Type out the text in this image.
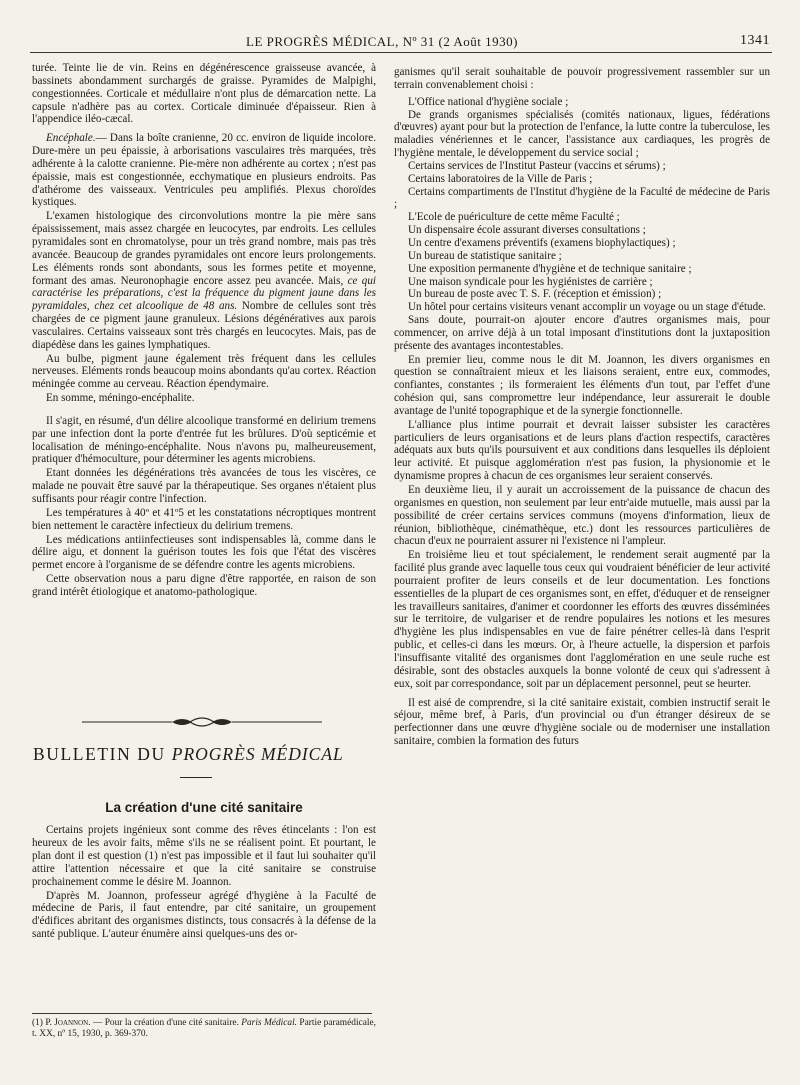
LE PROGRÈS MÉDICAL, Nº 31 (2 Août 1930)	1341

turée. Teinte lie de vin. Reins en dégénérescence graisseuse avancée, à bassinets abondamment surchargés de graisse. Pyramides de Malpighi, congestionnées. Corticale et médullaire n'ont plus de démarcation nette. La capsule n'adhère pas au cortex. Corticale diminuée d'épaisseur. Rien à l'appendice iléo-cæcal.

Encéphale.— Dans la boîte cranienne, 20 cc. environ de liquide incolore. Dure-mère un peu épaissie, à arborisations vasculaires très marquées, très adhérente à la calotte cranienne. Pie-mère non adhérente au cortex ; n'est pas épaissie, mais est congestionnée, ecchymatique en plusieurs endroits. Pas d'athérome des vaisseaux. Ventricules peu amplifiés. Plexus choroïdes kystiques.

L'examen histologique des circonvolutions montre la pie mère sans épaississement, mais assez chargée en leucocytes, par endroits. Les cellules pyramidales sont en chromatolyse, pour un très grand nombre, mais pas très avancée. Beaucoup de grandes pyramidales ont encore leurs prolongements. Les éléments ronds sont abondants, sous les formes petite et moyenne, formant des amas. Neuronophagie encore assez peu avancée. Mais, ce qui caractérise les préparations, c'est la fréquence du pigment jaune dans les pyramidales, chez cet alcoolique de 48 ans. Nombre de cellules sont très chargées de ce pigment jaune granuleux. Lésions dégénératives aux parois vasculaires. Certains vaisseaux sont très chargés en leucocytes. Mais, pas de diapédèse dans les gaines lymphatiques.

Au bulbe, pigment jaune également très fréquent dans les cellules nerveuses. Eléments ronds beaucoup moins abondants qu'au cortex. Réaction méningée comme au cerveau. Réaction épendymaire.

En somme, méningo-encéphalite.

Il s'agit, en résumé, d'un délire alcoolique transformé en delirium tremens par une infection dont la porte d'entrée fut les brûlures. D'où septicémie et localisation de méningo-encéphalite. Nous n'avons pu, malheureusement, pratiquer d'hémoculture, pour déterminer les agents microbiens.

Etant données les dégénérations très avancées de tous les viscères, ce malade ne pouvait être sauvé par la thérapeutique. Ses organes n'étaient plus suffisants pour réagir contre l'infection.

Les températures à 40º et 41º5 et les constatations nécroptiques montrent bien nettement le caractère infectieux du delirium tremens.

Les médications antiinfectieuses sont indispensables là, comme dans le délire aigu, et donnent la guérison toutes les fois que l'état des viscères permet encore à l'organisme de se défendre contre les agents microbiens.

Cette observation nous a paru digne d'être rapportée, en raison de son grand intérêt étiologique et anatomo-pathologique.

BULLETIN DU PROGRÈS MÉDICAL
La création d'une cité sanitaire

Certains projets ingénieux sont comme des rêves étincelants : l'on est heureux de les avoir faits, même s'ils ne se réalisent point. Et pourtant, le plan dont il est question (1) n'est pas impossible et il faut lui souhaiter qu'il attire l'attention nécessaire et que la cité sanitaire se construise prochainement comme le désire M. Joannon.

D'après M. Joannon, professeur agrégé d'hygiène à la Faculté de médecine de Paris, il faut entendre, par cité sanitaire, un groupement d'édifices abritant des organismes distincts, tous consacrés à la défense de la santé publique. L'auteur énumère ainsi quelques-uns des or-

(1) P. Joannon. — Pour la création d'une cité sanitaire. Paris Médical. Partie paramédicale, t. XX, nº 15, 1930, p. 369-370.

ganismes qu'il serait souhaitable de pouvoir progressivement rassembler sur un terrain convenablement choisi :

L'Office national d'hygiène sociale ;

De grands organismes spécialisés (comités nationaux, ligues, fédérations d'œuvres) ayant pour but la protection de l'enfance, la lutte contre la tuberculose, les maladies vénériennes et le cancer, l'assistance aux cardiaques, les progrès de l'hygiène mentale, le développement du service social ;

Certains services de l'Institut Pasteur (vaccins et sérums) ;

Certains laboratoires de la Ville de Paris ;

Certains compartiments de l'Institut d'hygiène de la Faculté de médecine de Paris ;

L'Ecole de puériculture de cette même Faculté ;

Un dispensaire école assurant diverses consultations ;

Un centre d'examens préventifs (examens biophylactiques) ;

Un bureau de statistique sanitaire ;

Une exposition permanente d'hygiène et de technique sanitaire ;

Une maison syndicale pour les hygiénistes de carrière ;

Un bureau de poste avec T. S. F. (réception et émission) ;

Un hôtel pour certains visiteurs venant accomplir un voyage ou un stage d'étude.

Sans doute, pourrait-on ajouter encore d'autres organismes mais, pour commencer, on arrive déjà à un total imposant d'institutions dont la juxtaposition présente des avantages incontestables.

En premier lieu, comme nous le dit M. Joannon, les divers organismes en question se connaîtraient mieux et les liaisons seraient, entre eux, commodes, confiantes, constantes ; ils formeraient les éléments d'un tout, par l'effet d'une cohésion qui, sans compromettre leur indépendance, leur assurerait le double avantage de l'unité topographique et de la synergie fonctionnelle.

L'alliance plus intime pourrait et devrait laisser subsister les caractères particuliers de leurs organisations et de leurs plans d'action respectifs, caractères adéquats aux buts qu'ils poursuivent et aux conditions dans lesquelles ils déploient leur activité. Et puisque agglomération n'est pas fusion, la physionomie et le dynamisme propres à chacun de ces organismes leur seraient conservés.

En deuxième lieu, il y aurait un accroissement de la puissance de chacun des organismes en question, non seulement par leur entr'aide mutuelle, mais aussi par la possibilité de créer certains services communs (moyens d'information, lieux de réunion, bibliothèque, cinémathèque, etc.) dont les ressources particulières de chacun d'eux ne pourraient assurer ni l'existence ni l'ampleur.

En troisième lieu et tout spécialement, le rendement serait augmenté par la facilité plus grande avec laquelle tous ceux qui voudraient bénéficier de leur activité pourraient profiter de leurs conseils et de leur documentation. Les fonctions essentielles de la plupart de ces organismes sont, en effet, d'éduquer et de renseigner les travailleurs sanitaires, d'animer et coordonner les efforts des œuvres disséminées sur le territoire, de vulgariser et de rendre populaires les notions et les mesures d'hygiène les plus indispensables en vue de faire pénétrer celles-là dans l'esprit public, et celles-ci dans les mœurs. Or, à l'heure actuelle, la dispersion et parfois l'insuffisante vitalité des organismes dont l'agglomération en une seule ruche est désirable, sont des obstacles auxquels la bonne volonté de ceux qui s'adressent à eux, soit par correspondance, soit par un déplacement personnel, peut se heurter.

Il est aisé de comprendre, si la cité sanitaire existait, combien instructif serait le séjour, même bref, à Paris, d'un provincial ou d'un étranger désireux de se perfectionner dans une œuvre d'hygiène sociale ou de moderniser une installation sanitaire, combien la formation des futurs
